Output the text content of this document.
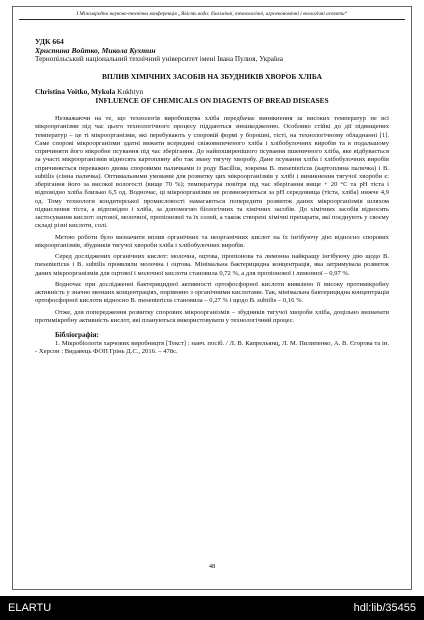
I Міжнародна науково-технічна конференція „Якість води: біохімічні, технологічні, агроекономічні і екологічні аспекти“
УДК 664
Христина Войтко, Микола Кухтин
Тернопільський національний технічний університет імені Івана Пулюя, Україна
ВПЛИВ ХІМІЧНИХ ЗАСОБІВ НА ЗБУДНИКІВ ХВОРОБ ХЛІБА
Christina Voitko, Mykola Kukhtyn
INFLUENCE OF CHEMICALS ON DIAGENTS OF BREAD DISEASES

Незважаючи на те, що технологія виробництва хліба передбачає виникнення за високих температур не всі мікроорганізми під час цього технологічного процесу піддаються знешкодженню. Особливо стійкі до дії підвищених температур – це ті мікроорганізми, які перебувають у споровій формі у борошні, тісті, на технологічному обладнанні [1]. Саме спорові мікроорганізми здатні вижити всередині свіжовипеченого хліба і хлібобулочних виробів та в подальшому спричиняти його мікробне псування під час зберігання. До найпоширенішого псування пшеничного хліба, яке відбувається за участі мікроорганізмів відносять картопляну або так звану тягучу хворобу. Дане псування хліба і хлібобулочних виробів спричиняється переважно двома споровими паличками із роду Bacillus, зокрема B. mesentericus (картоплянa паличка) і B. subtilis (сінна паличка). Оптимальними умовами для розвитку цих мікроорганізмів у хлібі і виникнення тягучої хвороби є: зберігання його за високої вологості (вище 70 %); температура повітря під час зберігання вище + 20 °С та рН тіста і відповідно хліба близько 6,5 од. Водночас, ці мікроорганізми не розмножуються за рН середовища (тіста, хліба) нижче 4,9 од. Тому технологи кондитерської промисловості намагаються попередити розвиток даних мікроорганізмів шляхом підкислення тіста, а відповідно і хліба, за допомогою біологічних та хімічних засобів. До хімічних засобів відносять застосування кислот: оцтової, молочної, пропіонової та їх солей, а також створені хімічні препарати, які поєднують у своєму складі різні кислоти, солі.

Метою роботи було визначити вплив органічних та неорганічних кислот на їх інгібуючу дію відносно спорових мікроорганізмів, збудників тягучої хвороби хліба і хлібобулочних виробів.

Серед досліджених органічних кислот: молочна, оцтова, пропіонова та лимонна найкращу інгібуючу дію щодо B. mesentericus і B. subtilis проявляли молочна і оцтова. Мінімальна бактерицидна концентрація, яка затримувала розвиток даних мікроорганізмів для оцтової і молочної кислоти становила 0,72 %, а для пропіонової і лимонної – 0,97 %.

Водночас при дослідженні бактерицидної активності ортофосфорної кислоти виявлено її високу протимікробну активність у значно менших концентраціях, порівняно з органічними кислотами. Так, мінімальна бактерицидна концентрація ортофосфорної кислоти відносно B. mesentericus становила – 0,27 % і щодо B. subtilis – 0,16 %.

Отже, для попередження розвитку спорових мікроорганізмів – збудників тягучої хвороби хліба, доцільно визначати протимікробну активність кислот, які плануються використовувати у технологічний процес.

Бібліографія:

1. Мікробіологія харчових виробництв [Текст] : навч. посіб. / Л. В. Капрельянц, Л. М. Пилипенко, А. В. Єгорова та ін. - Херсон : Видавець ФОП Грінь Д.С., 2016. – 478с.

48
ELARTU	hdl:lib/35455
